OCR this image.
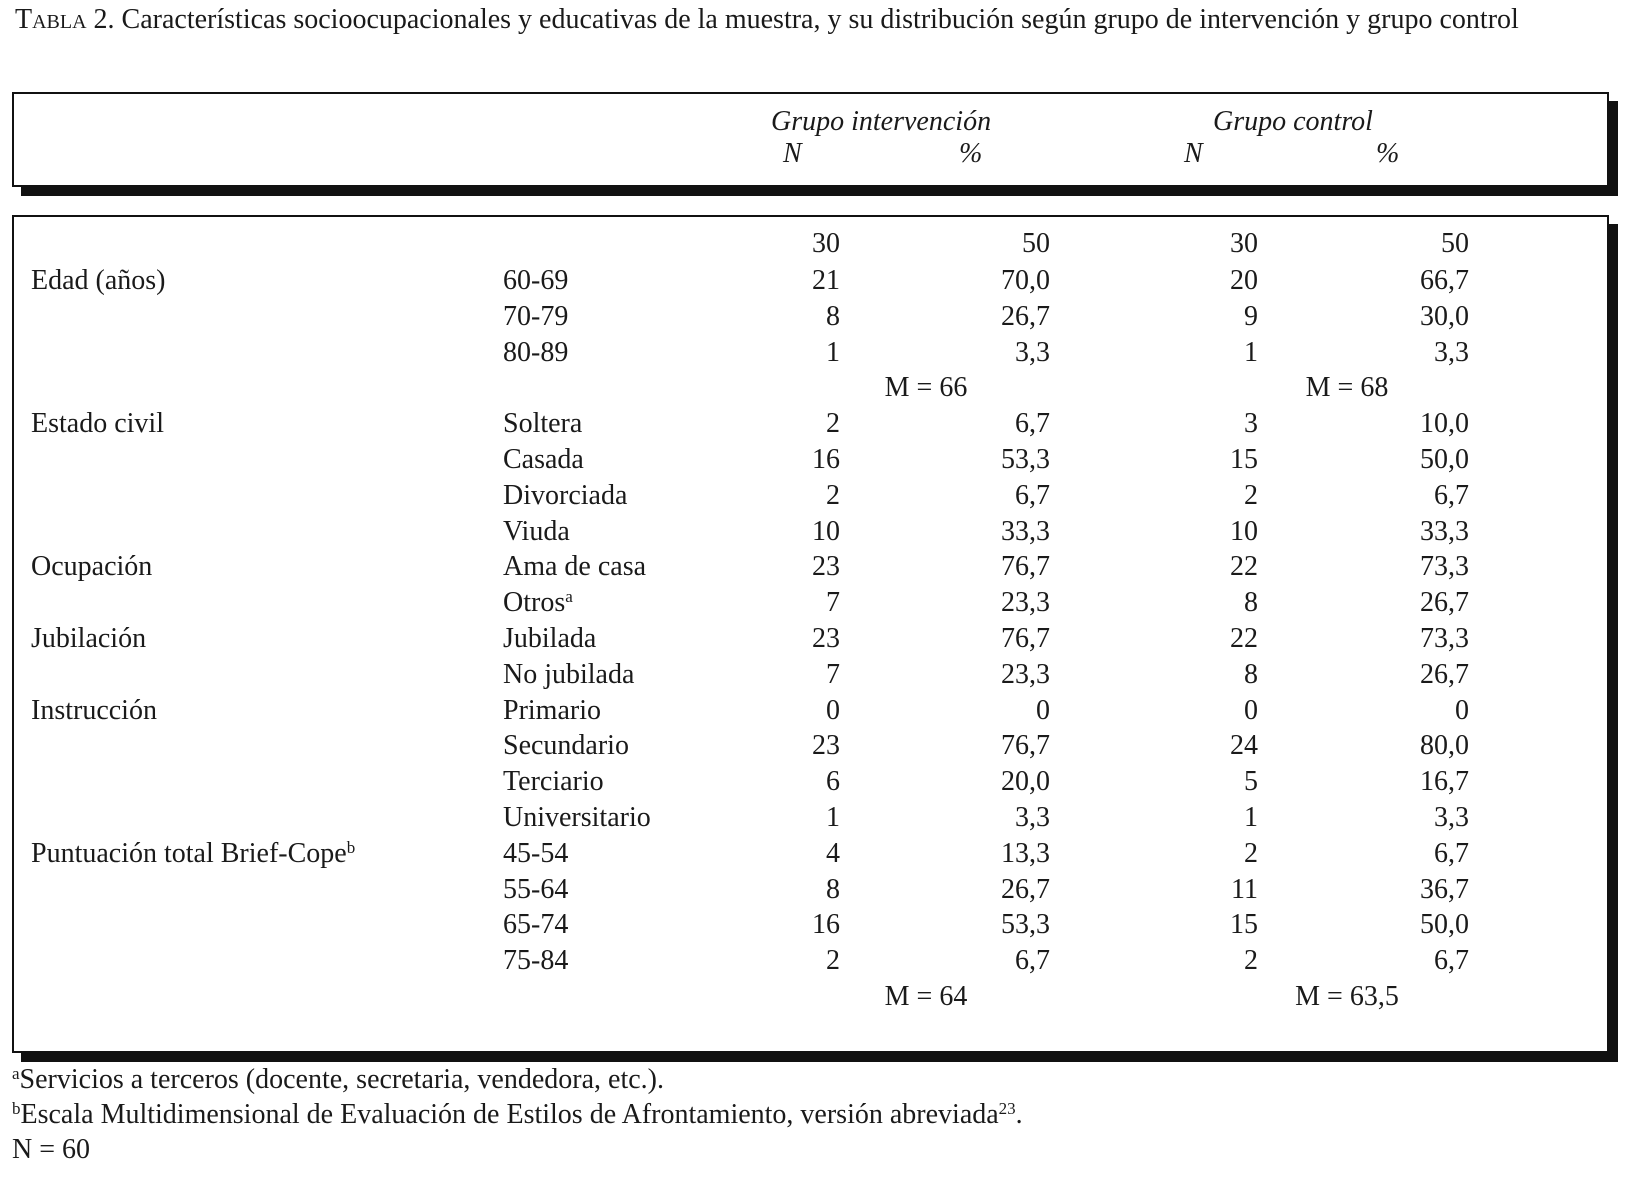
Tabla 2. Características socioocupacionales y educativas de la muestra, y su distribución según grupo de intervención y grupo control
Grupo intervención	Grupo control
N	%	N	%
30	50	30	50
Edad (años)	60-69	21	70,0	20	66,7
70-79	8	26,7	9	30,0
80-89	1	3,3	1	3,3
M = 66	M = 68
Estado civil	Soltera	2	6,7	3	10,0
Casada	16	53,3	15	50,0
Divorciada	2	6,7	2	6,7
Viuda	10	33,3	10	33,3
Ocupación	Ama de casa	23	76,7	22	73,3
Otros$^a$	7	23,3	8	26,7
Jubilación	Jubilada	23	76,7	22	73,3
No jubilada	7	23,3	8	26,7
Instrucción	Primario	0	0	0	0
Secundario	23	76,7	24	80,0
Terciario	6	20,0	5	16,7
Universitario	1	3,3	1	3,3
Puntuación total Brief-Cope$^b$	45-54	4	13,3	2	6,7
55-64	8	26,7	11	36,7
65-74	16	53,3	15	50,0
75-84	2	6,7	2	6,7
M = 64	M = 63,5
$^a$Servicios a terceros (docente, secretaria, vendedora, etc.).
$^b$Escala Multidimensional de Evaluación de Estilos de Afrontamiento, versión abreviada$^{23}$.
N = 60
